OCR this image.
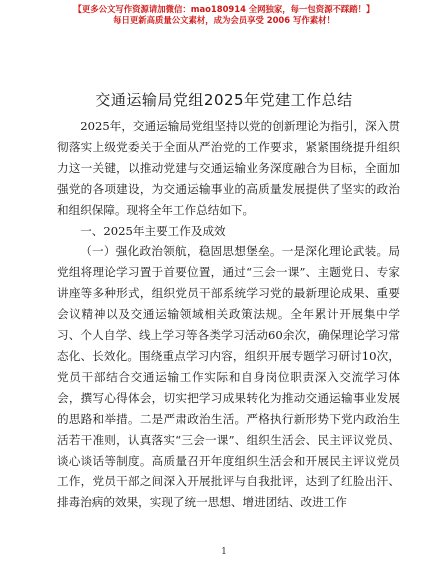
【更多公文写作资源请加微信：mao180914 全网独家，每一包资源不踩踏！】
每日更新高质量公文素材，成为会员享受 2006 写作素材！
交通运输局党组2025年党建工作总结

2025年，交通运输局党组坚持以党的创新理论为指引，深入贯彻落实上级党委关于全面从严治党的工作要求，紧紧围绕提升组织力这一关键，以推动党建与交通运输业务深度融合为目标，全面加强党的各项建设，为交通运输事业的高质量发展提供了坚实的政治和组织保障。现将全年工作总结如下。

一、2025年主要工作及成效

（一）强化政治领航，稳固思想堡垒。一是深化理论武装。局党组将理论学习置于首要位置，通过“三会一课”、主题党日、专家讲座等多种形式，组织党员干部系统学习党的最新理论成果、重要会议精神以及交通运输领域相关政策法规。全年累计开展集中学习、个人自学、线上学习等各类学习活动60余次，确保理论学习常态化、长效化。围绕重点学习内容，组织开展专题学习研讨10次，党员干部结合交通运输工作实际和自身岗位职责深入交流学习体会，撰写心得体会，切实把学习成果转化为推动交通运输事业发展的思路和举措。二是严肃政治生活。严格执行新形势下党内政治生活若干准则，认真落实“三会一课”、组织生活会、民主评议党员、谈心谈话等制度。高质量召开年度组织生活会和开展民主评议党员工作，党员干部之间深入开展批评与自我批评，达到了红脸出汗、排毒治病的效果，实现了统一思想、增进团结、改进工作

1
